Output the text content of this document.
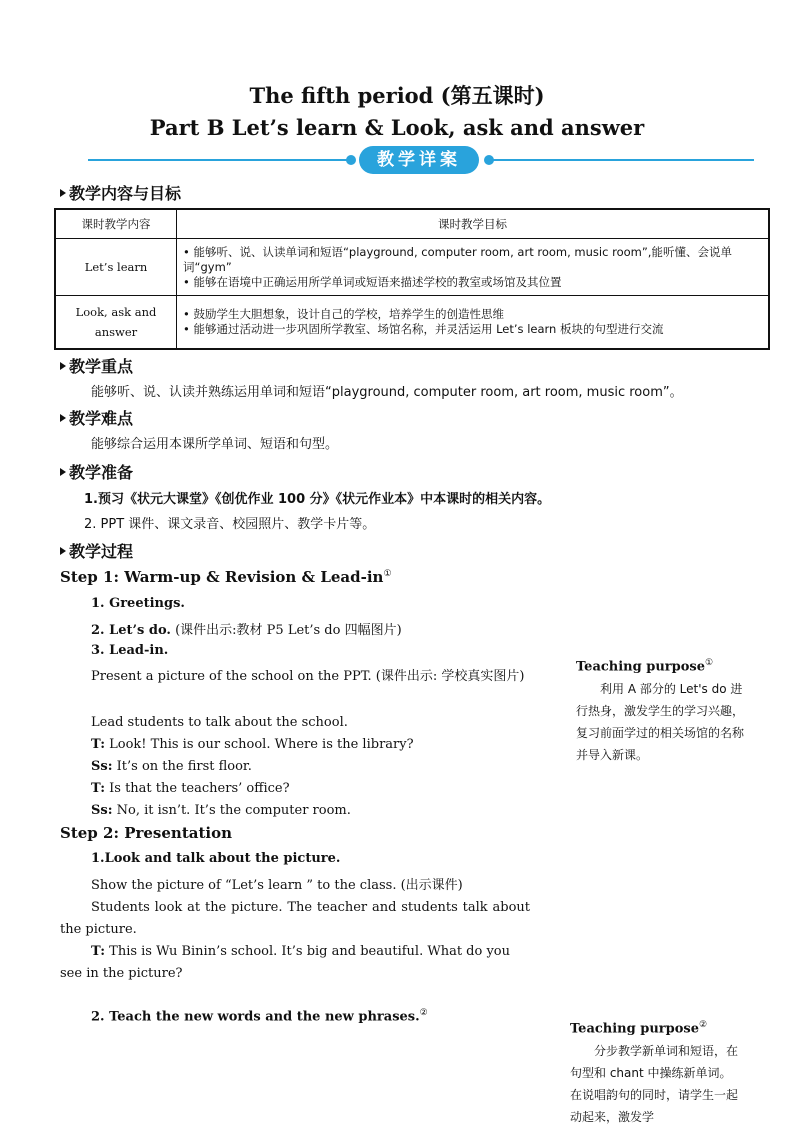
The fifth period (第五课时)
Part B Let’s learn & Look, ask and answer
教学详案
教学内容与目标
课时教学内容	课时教学目标
Let’s learn	• 能够听、说、认读单词和短语“playground, computer room, art room, music room”,能听懂、会说单词“gym”
• 能够在语境中正确运用所学单词或短语来描述学校的教室或场馆及其位置

Look, ask and answer	• 鼓励学生大胆想象，设计自己的学校，培养学生的创造性思维
• 能够通过活动进一步巩固所学教室、场馆名称，并灵活运用 Let’s learn 板块的句型进行交流
教学重点
能够听、说、认读并熟练运用单词和短语“playground, computer room, art room, music room”。
教学难点
能够综合运用本课所学单词、短语和句型。
教学准备
1.预习《状元大课堂》《创优作业 100 分》《状元作业本》中本课时的相关内容。
2. PPT 课件、课文录音、校园照片、教学卡片等。
教学过程
Step 1: Warm-up & Revision & Lead-in①
1. Greetings.
2. Let’s do. (课件出示:教材 P5 Let’s do 四幅图片)
3. Lead-in.
Present a picture of the school on the PPT. (课件出示: 学校真实图片)
Lead students to talk about the school.
T: Look! This is our school. Where is the library?
Ss: It’s on the first floor.
T: Is that the teachers’ office?
Ss: No, it isn’t. It’s the computer room.
Step 2: Presentation
1.Look and talk about the picture.
Show the picture of “Let’s learn ” to the class. (出示课件)
Students look at the picture. The teacher and students talk about the picture.
T: This is Wu Binin’s school. It’s big and beautiful. What do you see in the picture?
2. Teach the new words and the new phrases.②
Teaching purpose①
利用 A 部分的 Let's do 进行热身，激发学生的学习兴趣，复习前面学过的相关场馆的名称并导入新课。
Teaching purpose②
分步教学新单词和短语，在句型和 chant 中操练新单词。在说唱韵句的同时，请学生一起动起来，激发学
